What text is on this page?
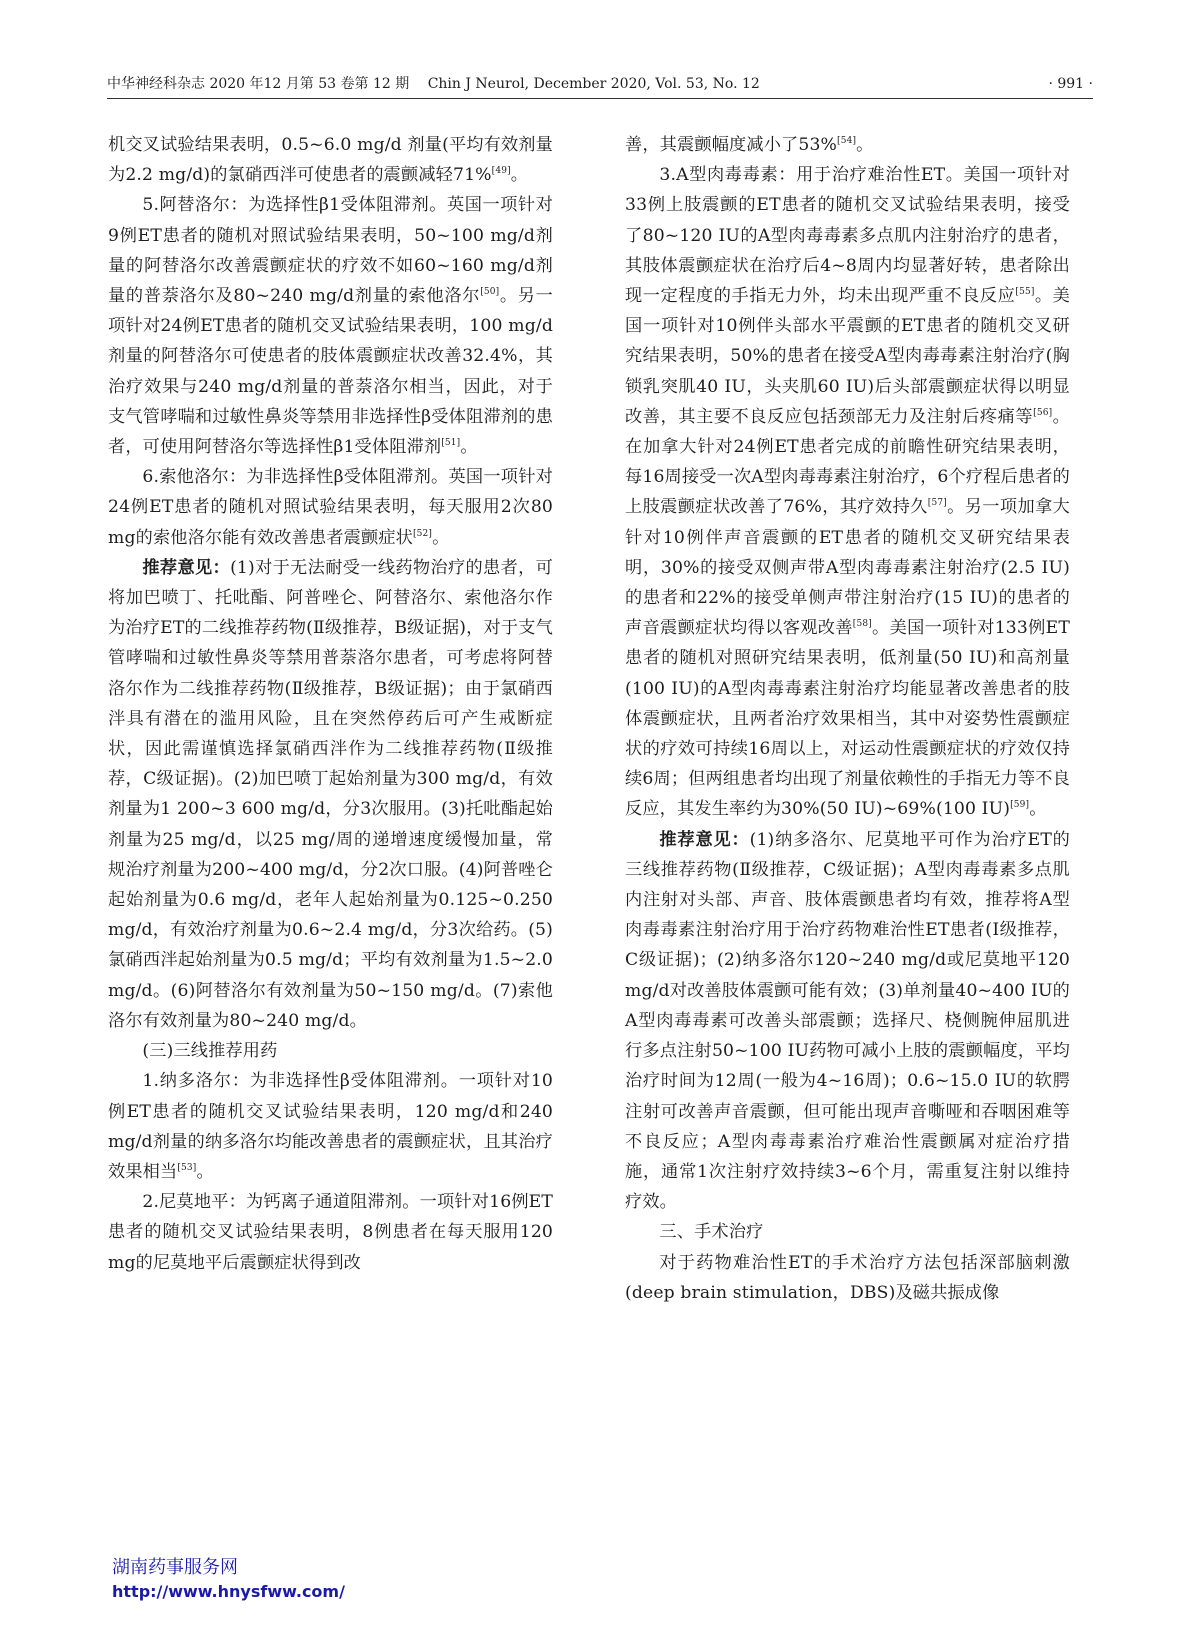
中华神经科杂志 2020 年12 月第 53 卷第 12 期 Chin J Neurol, December 2020, Vol. 53, No. 12	· 991 ·

机交叉试验结果表明，0.5~6.0 mg/d 剂量(平均有效剂量为2.2 mg/d)的氯硝西泮可使患者的震颤减轻71%[49]。

5.阿替洛尔：为选择性β1受体阻滞剂。英国一项针对9例ET患者的随机对照试验结果表明，50~100 mg/d剂量的阿替洛尔改善震颤症状的疗效不如60~160 mg/d剂量的普萘洛尔及80~240 mg/d剂量的索他洛尔[50]。另一项针对24例ET患者的随机交叉试验结果表明，100 mg/d剂量的阿替洛尔可使患者的肢体震颤症状改善32.4%，其治疗效果与240 mg/d剂量的普萘洛尔相当，因此，对于支气管哮喘和过敏性鼻炎等禁用非选择性β受体阻滞剂的患者，可使用阿替洛尔等选择性β1受体阻滞剂[51]。

6.索他洛尔：为非选择性β受体阻滞剂。英国一项针对24例ET患者的随机对照试验结果表明，每天服用2次80 mg的索他洛尔能有效改善患者震颤症状[52]。

推荐意见：(1)对于无法耐受一线药物治疗的患者，可将加巴喷丁、托吡酯、阿普唑仑、阿替洛尔、索他洛尔作为治疗ET的二线推荐药物(Ⅱ级推荐，B级证据)，对于支气管哮喘和过敏性鼻炎等禁用普萘洛尔患者，可考虑将阿替洛尔作为二线推荐药物(Ⅱ级推荐，B级证据)；由于氯硝西泮具有潜在的滥用风险，且在突然停药后可产生戒断症状，因此需谨慎选择氯硝西泮作为二线推荐药物(Ⅱ级推荐，C级证据)。(2)加巴喷丁起始剂量为300 mg/d，有效剂量为1 200~3 600 mg/d，分3次服用。(3)托吡酯起始剂量为25 mg/d，以25 mg/周的递增速度缓慢加量，常规治疗剂量为200~400 mg/d，分2次口服。(4)阿普唑仑起始剂量为0.6 mg/d，老年人起始剂量为0.125~0.250 mg/d，有效治疗剂量为0.6~2.4 mg/d，分3次给药。(5)氯硝西泮起始剂量为0.5 mg/d；平均有效剂量为1.5~2.0 mg/d。(6)阿替洛尔有效剂量为50~150 mg/d。(7)索他洛尔有效剂量为80~240 mg/d。

(三)三线推荐用药

1.纳多洛尔：为非选择性β受体阻滞剂。一项针对10例ET患者的随机交叉试验结果表明，120 mg/d和240 mg/d剂量的纳多洛尔均能改善患者的震颤症状，且其治疗效果相当[53]。

2.尼莫地平：为钙离子通道阻滞剂。一项针对16例ET患者的随机交叉试验结果表明，8例患者在每天服用120 mg的尼莫地平后震颤症状得到改

善，其震颤幅度减小了53%[54]。

3.A型肉毒毒素：用于治疗难治性ET。美国一项针对33例上肢震颤的ET患者的随机交叉试验结果表明，接受了80~120 IU的A型肉毒毒素多点肌内注射治疗的患者，其肢体震颤症状在治疗后4~8周内均显著好转，患者除出现一定程度的手指无力外，均未出现严重不良反应[55]。美国一项针对10例伴头部水平震颤的ET患者的随机交叉研究结果表明，50%的患者在接受A型肉毒毒素注射治疗(胸锁乳突肌40 IU，头夹肌60 IU)后头部震颤症状得以明显改善，其主要不良反应包括颈部无力及注射后疼痛等[56]。在加拿大针对24例ET患者完成的前瞻性研究结果表明，每16周接受一次A型肉毒毒素注射治疗，6个疗程后患者的上肢震颤症状改善了76%，其疗效持久[57]。另一项加拿大针对10例伴声音震颤的ET患者的随机交叉研究结果表明，30%的接受双侧声带A型肉毒毒素注射治疗(2.5 IU)的患者和22%的接受单侧声带注射治疗(15 IU)的患者的声音震颤症状均得以客观改善[58]。美国一项针对133例ET患者的随机对照研究结果表明，低剂量(50 IU)和高剂量(100 IU)的A型肉毒毒素注射治疗均能显著改善患者的肢体震颤症状，且两者治疗效果相当，其中对姿势性震颤症状的疗效可持续16周以上，对运动性震颤症状的疗效仅持续6周；但两组患者均出现了剂量依赖性的手指无力等不良反应，其发生率约为30%(50 IU)~69%(100 IU)[59]。

推荐意见：(1)纳多洛尔、尼莫地平可作为治疗ET的三线推荐药物(Ⅱ级推荐，C级证据)；A型肉毒毒素多点肌内注射对头部、声音、肢体震颤患者均有效，推荐将A型肉毒毒素注射治疗用于治疗药物难治性ET患者(Ⅰ级推荐，C级证据)；(2)纳多洛尔120~240 mg/d或尼莫地平120 mg/d对改善肢体震颤可能有效；(3)单剂量40~400 IU的A型肉毒毒素可改善头部震颤；选择尺、桡侧腕伸屈肌进行多点注射50~100 IU药物可减小上肢的震颤幅度，平均治疗时间为12周(一般为4~16周)；0.6~15.0 IU的软腭注射可改善声音震颤，但可能出现声音嘶哑和吞咽困难等不良反应；A型肉毒毒素治疗难治性震颤属对症治疗措施，通常1次注射疗效持续3~6个月，需重复注射以维持疗效。

三、手术治疗

对于药物难治性ET的手术治疗方法包括深部脑刺激(deep brain stimulation，DBS)及磁共振成像

湖南药事服务网
http://www.hnysfww.com/
